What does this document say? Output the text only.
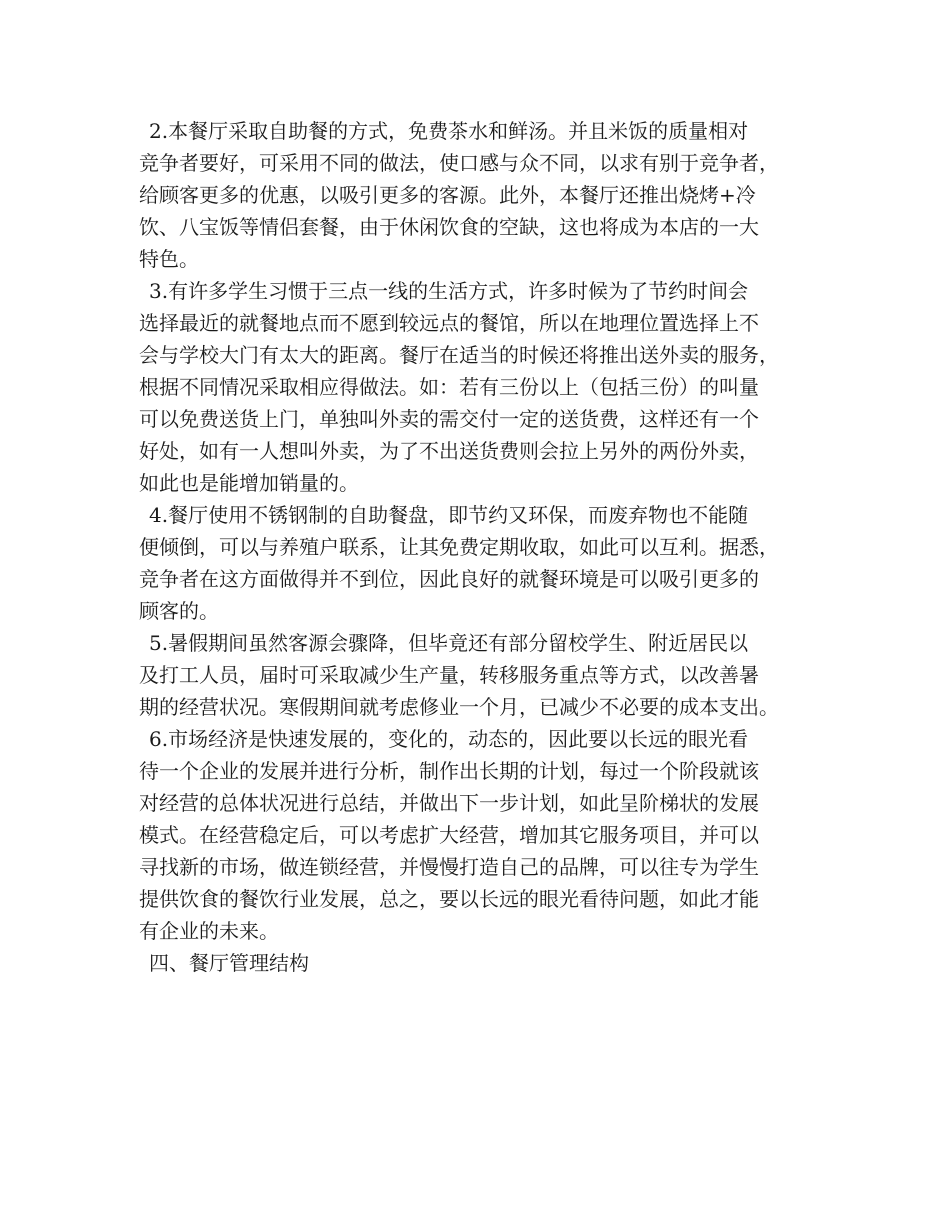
2.本餐厅采取自助餐的方式，免费茶水和鲜汤。并且米饭的质量相对
竞争者要好，可采用不同的做法，使口感与众不同，以求有别于竞争者，
给顾客更多的优惠，以吸引更多的客源。此外，本餐厅还推出烧烤+冷
饮、八宝饭等情侣套餐，由于休闲饮食的空缺，这也将成为本店的一大
特色。
3.有许多学生习惯于三点一线的生活方式，许多时候为了节约时间会
选择最近的就餐地点而不愿到较远点的餐馆，所以在地理位置选择上不
会与学校大门有太大的距离。餐厅在适当的时候还将推出送外卖的服务，
根据不同情况采取相应得做法。如：若有三份以上（包括三份）的叫量
可以免费送货上门，单独叫外卖的需交付一定的送货费，这样还有一个
好处，如有一人想叫外卖，为了不出送货费则会拉上另外的两份外卖，
如此也是能增加销量的。
4.餐厅使用不锈钢制的自助餐盘，即节约又环保，而废弃物也不能随
便倾倒，可以与养殖户联系，让其免费定期收取，如此可以互利。据悉，
竞争者在这方面做得并不到位，因此良好的就餐环境是可以吸引更多的
顾客的。
5.暑假期间虽然客源会骤降，但毕竟还有部分留校学生、附近居民以
及打工人员，届时可采取减少生产量，转移服务重点等方式，以改善暑
期的经营状况。寒假期间就考虑修业一个月，已减少不必要的成本支出。
6.市场经济是快速发展的，变化的，动态的，因此要以长远的眼光看
待一个企业的发展并进行分析，制作出长期的计划，每过一个阶段就该
对经营的总体状况进行总结，并做出下一步计划，如此呈阶梯状的发展
模式。在经营稳定后，可以考虑扩大经营，增加其它服务项目，并可以
寻找新的市场，做连锁经营，并慢慢打造自己的品牌，可以往专为学生
提供饮食的餐饮行业发展，总之，要以长远的眼光看待问题，如此才能
有企业的未来。
四、餐厅管理结构
